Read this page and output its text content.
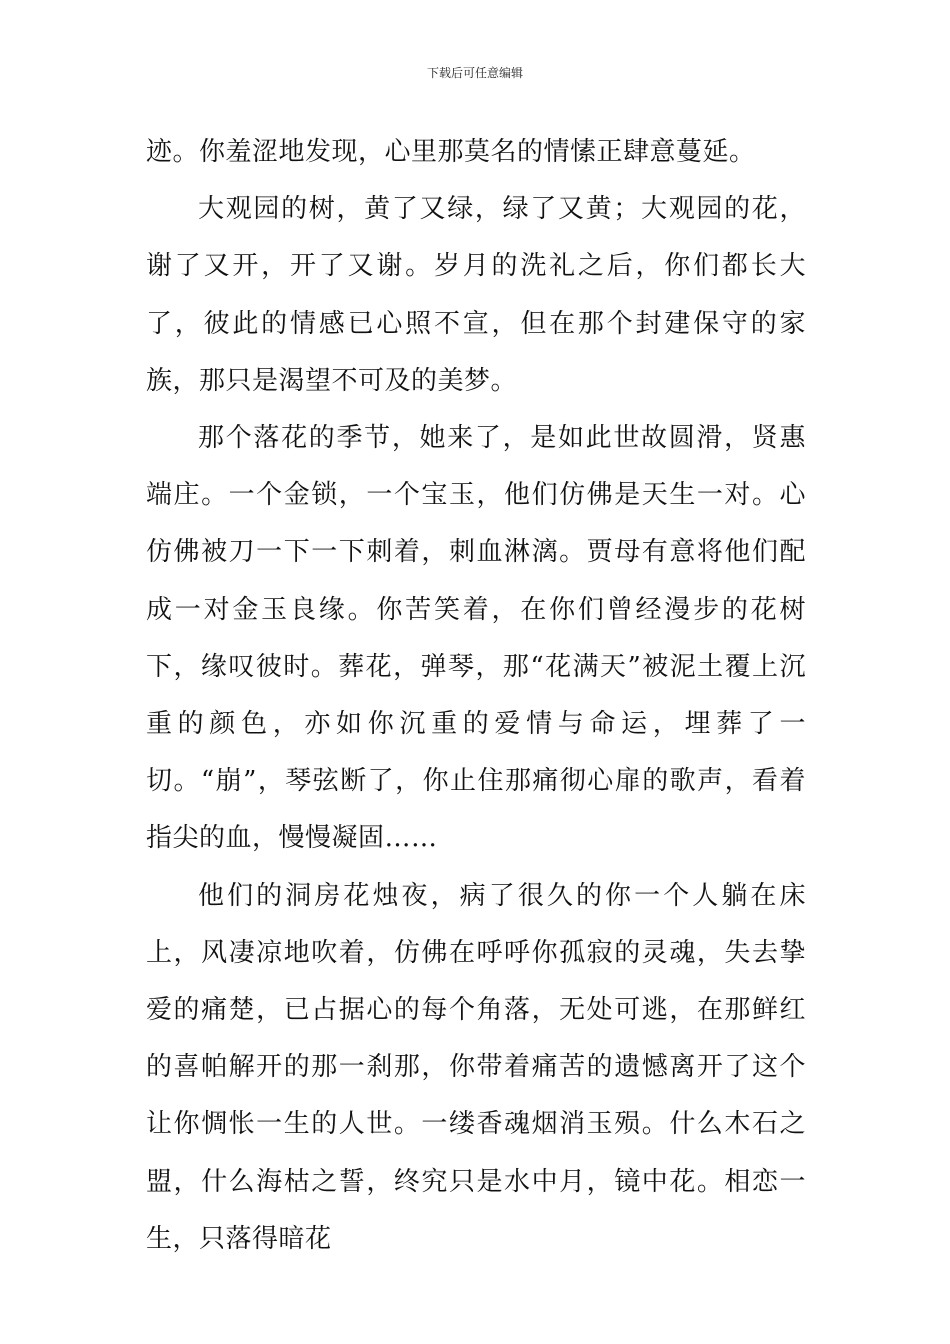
下载后可任意编辑

迹。你羞涩地发现，心里那莫名的情愫正肆意蔓延。

大观园的树，黄了又绿，绿了又黄；大观园的花，谢了又开，开了又谢。岁月的洗礼之后，你们都长大了，彼此的情感已心照不宣，但在那个封建保守的家族，那只是渴望不可及的美梦。

那个落花的季节，她来了，是如此世故圆滑，贤惠端庄。一个金锁，一个宝玉，他们仿佛是天生一对。心仿佛被刀一下一下刺着，刺血淋漓。贾母有意将他们配成一对金玉良缘。你苦笑着，在你们曾经漫步的花树下，缘叹彼时。葬花，弹琴，那“花满天”被泥土覆上沉重的颜色，亦如你沉重的爱情与命运，埋葬了一切。“崩”，琴弦断了，你止住那痛彻心扉的歌声，看着指尖的血，慢慢凝固……

他们的洞房花烛夜，病了很久的你一个人躺在床上，风凄凉地吹着，仿佛在呼呼你孤寂的灵魂，失去挚爱的痛楚，已占据心的每个角落，无处可逃，在那鲜红的喜帕解开的那一刹那，你带着痛苦的遗憾离开了这个让你惆怅一生的人世。一缕香魂烟消玉殒。什么木石之盟，什么海枯之誓，终究只是水中月，镜中花。相恋一生，只落得暗花
